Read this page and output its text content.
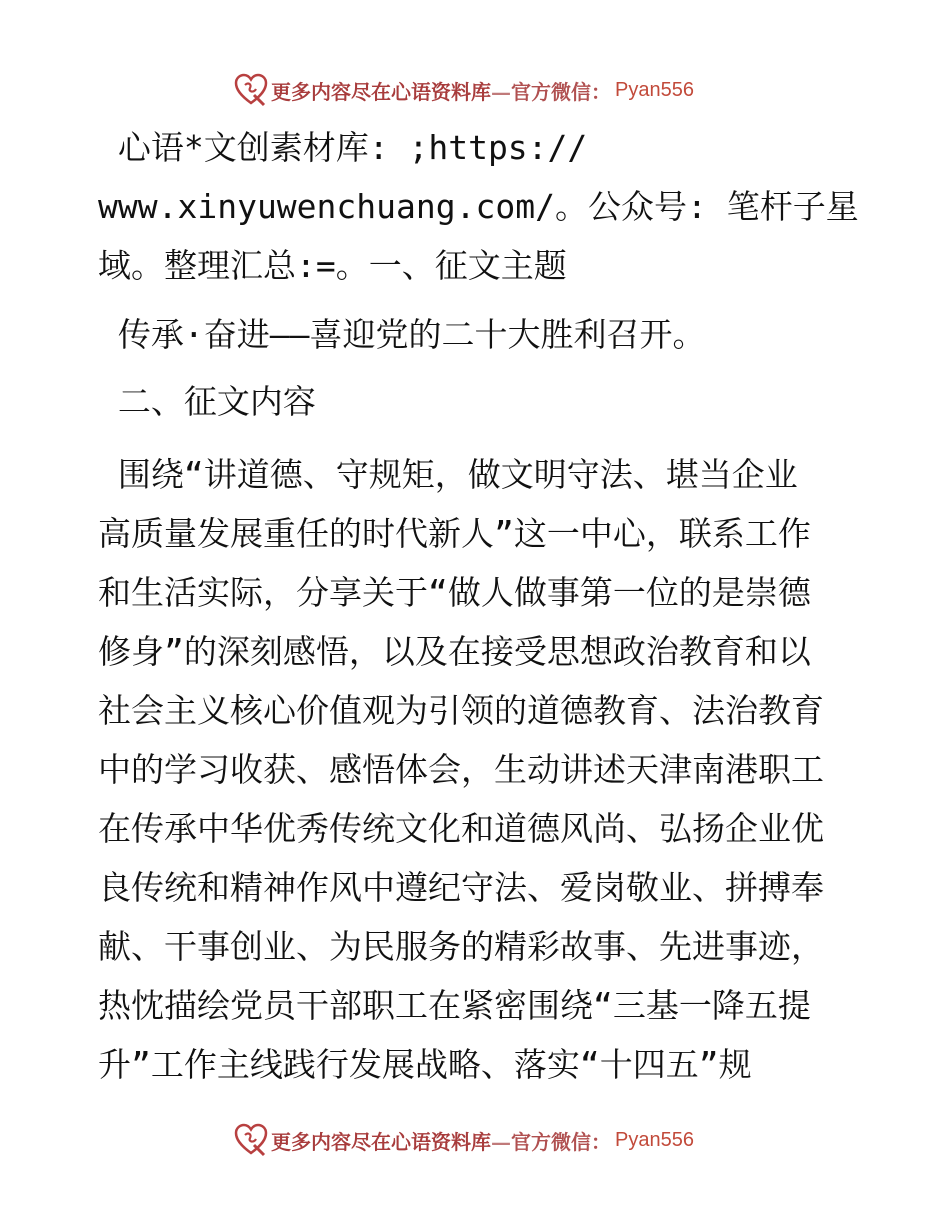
更多内容尽在心语资料库—官方微信： Pyan556
心语*文创素材库: ;https://
www.xinyuwenchuang.com/。公众号: 笔杆子星
域。整理汇总:=。一、征文主题
传承·奋进——喜迎党的二十大胜利召开。
二、征文内容
围绕“讲道德、守规矩，做文明守法、堪当企业
高质量发展重任的时代新人”这一中心，联系工作
和生活实际，分享关于“做人做事第一位的是崇德
修身”的深刻感悟，以及在接受思想政治教育和以
社会主义核心价值观为引领的道德教育、法治教育
中的学习收获、感悟体会，生动讲述天津南港职工
在传承中华优秀传统文化和道德风尚、弘扬企业优
良传统和精神作风中遵纪守法、爱岗敬业、拼搏奉
献、干事创业、为民服务的精彩故事、先进事迹，
热忱描绘党员干部职工在紧密围绕“三基一降五提
升”工作主线践行发展战略、落实“十四五”规
更多内容尽在心语资料库—官方微信： Pyan556
